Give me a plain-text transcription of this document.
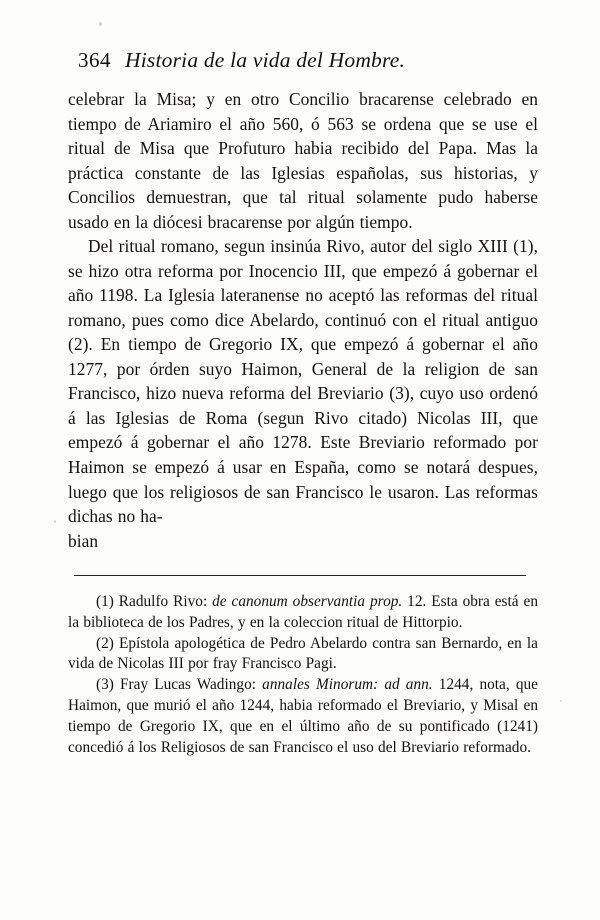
364 Historia de la vida del Hombre.

celebrar la Misa; y en otro Concilio bracarense celebrado en tiempo de Ariamiro el año 560, ó 563 se ordena que se use el ritual de Misa que Profuturo habia recibido del Papa. Mas la práctica constante de las Iglesias españolas, sus historias, y Concilios demuestran, que tal ritual solamente pudo haberse usado en la diócesi bracarense por algún tiempo.

Del ritual romano, segun insinúa Rivo, autor del siglo XIII (1), se hizo otra reforma por Inocencio III, que empezó á gobernar el año 1198. La Iglesia lateranense no aceptó las reformas del ritual romano, pues como dice Abelardo, continuó con el ritual antiguo (2). En tiempo de Gregorio IX, que empezó á gobernar el año 1277, por órden suyo Haimon, General de la religion de san Francisco, hizo nueva reforma del Breviario (3), cuyo uso ordenó á las Iglesias de Roma (segun Rivo citado) Nicolas III, que empezó á gobernar el año 1278. Este Breviario reformado por Haimon se empezó á usar en España, como se notará despues, luego que los religiosos de san Francisco le usaron. Las reformas dichas no ha-

bian

(1) Radulfo Rivo: de canonum observantia prop. 12. Esta obra está en la biblioteca de los Padres, y en la coleccion ritual de Hittorpio.

(2) Epístola apologética de Pedro Abelardo contra san Bernardo, en la vida de Nicolas III por fray Francisco Pagi.

(3) Fray Lucas Wadingo: annales Minorum: ad ann. 1244, nota, que Haimon, que murió el año 1244, habia reformado el Breviario, y Misal en tiempo de Gregorio IX, que en el último año de su pontificado (1241) concedió á los Religiosos de san Francisco el uso del Breviario reformado.
